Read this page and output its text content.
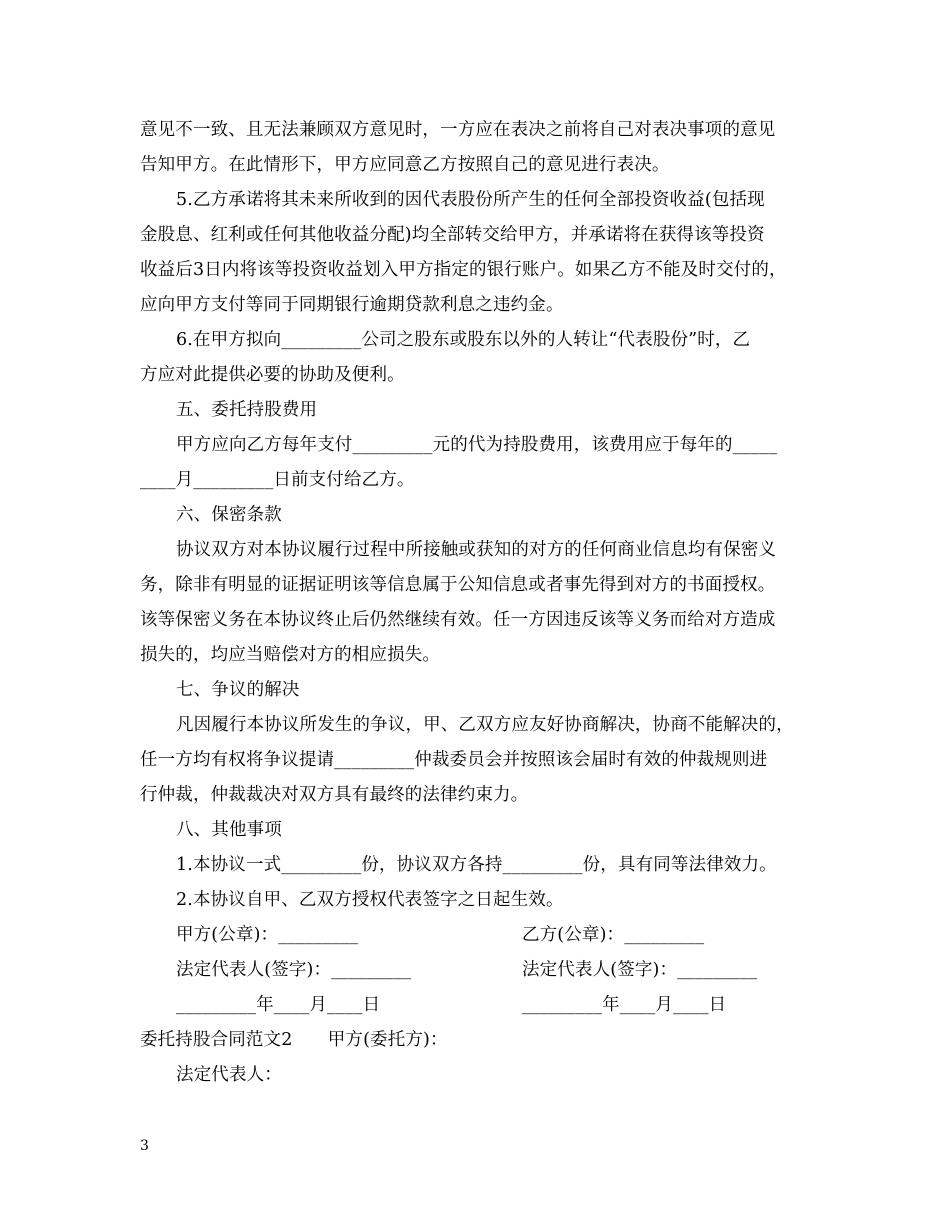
意见不一致、且无法兼顾双方意见时，一方应在表决之前将自己对表决事项的意见
告知甲方。在此情形下，甲方应同意乙方按照自己的意见进行表决。
5.乙方承诺将其未来所收到的因代表股份所产生的任何全部投资收益(包括现
金股息、红利或任何其他收益分配)均全部转交给甲方，并承诺将在获得该等投资
收益后3日内将该等投资收益划入甲方指定的银行账户。如果乙方不能及时交付的，
应向甲方支付等同于同期银行逾期贷款利息之违约金。
6.在甲方拟向_________公司之股东或股东以外的人转让“代表股份”时，乙
方应对此提供必要的协助及便利。
五、委托持股费用
甲方应向乙方每年支付_________元的代为持股费用，该费用应于每年的_____
____月_________日前支付给乙方。
六、保密条款
协议双方对本协议履行过程中所接触或获知的对方的任何商业信息均有保密义
务，除非有明显的证据证明该等信息属于公知信息或者事先得到对方的书面授权。
该等保密义务在本协议终止后仍然继续有效。任一方因违反该等义务而给对方造成
损失的，均应当赔偿对方的相应损失。
七、争议的解决
凡因履行本协议所发生的争议，甲、乙双方应友好协商解决，协商不能解决的，
任一方均有权将争议提请_________仲裁委员会并按照该会届时有效的仲裁规则进
行仲裁，仲裁裁决对双方具有最终的法律约束力。
八、其他事项
1.本协议一式_________份，协议双方各持_________份，具有同等法律效力。
2.本协议自甲、乙双方授权代表签字之日起生效。
甲方(公章)：_________	乙方(公章)：_________
法定代表人(签字)：_________	法定代表人(签字)：_________
_________年____月____日	_________年____月____日
委托持股合同范文2　　甲方(委托方)：
法定代表人：
3
